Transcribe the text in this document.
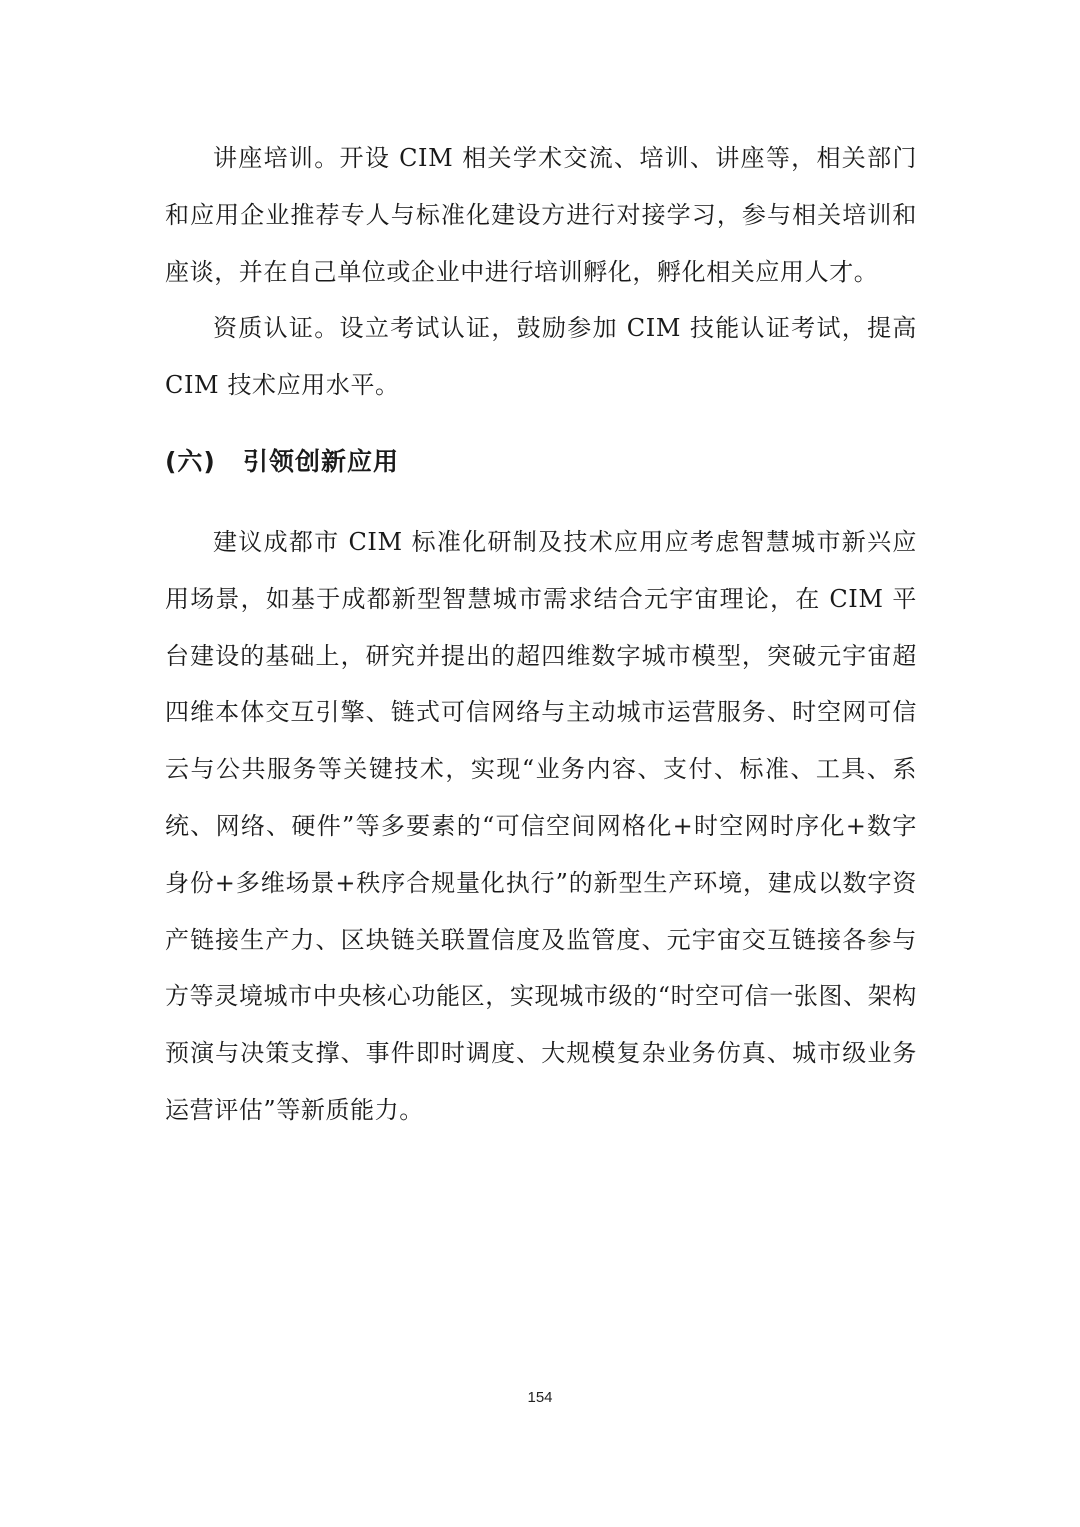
讲座培训。开设 CIM 相关学术交流、培训、讲座等，相关部门和应用企业推荐专人与标准化建设方进行对接学习，参与相关培训和座谈，并在自己单位或企业中进行培训孵化，孵化相关应用人才。

资质认证。设立考试认证，鼓励参加 CIM 技能认证考试，提高 CIM 技术应用水平。

(六)	引领创新应用

建议成都市 CIM 标准化研制及技术应用应考虑智慧城市新兴应用场景，如基于成都新型智慧城市需求结合元宇宙理论，在 CIM 平台建设的基础上，研究并提出的超四维数字城市模型，突破元宇宙超四维本体交互引擎、链式可信网络与主动城市运营服务、时空网可信云与公共服务等关键技术，实现“业务内容、支付、标准、工具、系统、网络、硬件”等多要素的“可信空间网格化+时空网时序化+数字身份+多维场景+秩序合规量化执行”的新型生产环境，建成以数字资产链接生产力、区块链关联置信度及监管度、元宇宙交互链接各参与方等灵境城市中央核心功能区，实现城市级的“时空可信一张图、架构预演与决策支撑、事件即时调度、大规模复杂业务仿真、城市级业务运营评估”等新质能力。

154
